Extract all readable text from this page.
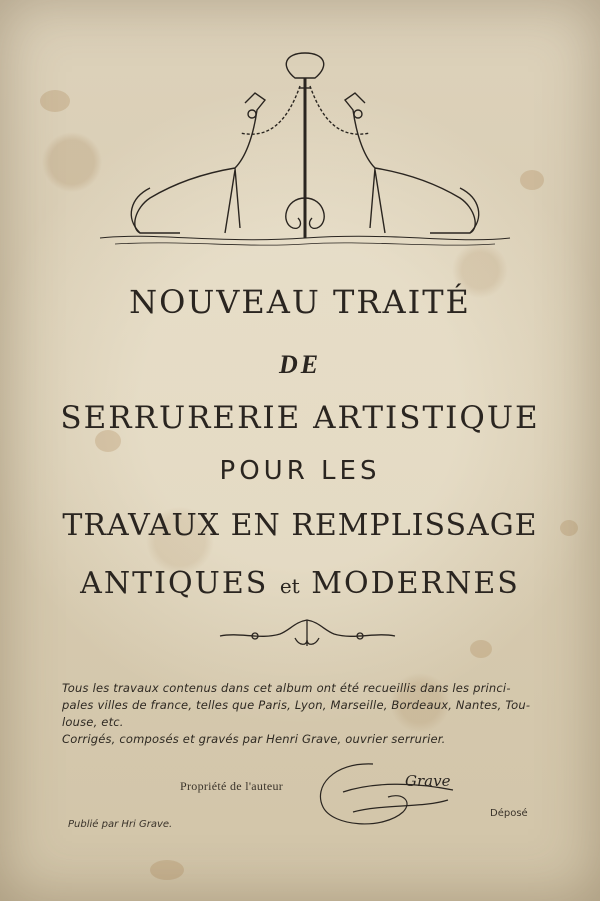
NOUVEAU TRAITÉ
DE
SERRURERIE ARTISTIQUE
POUR LES
TRAVAUX EN REMPLISSAGE
ANTIQUES et MODERNES

Tous les travaux contenus dans cet album ont été recueillis dans les princi-

pales villes de france, telles que Paris, Lyon, Marseille, Bordeaux, Nantes, Tou-

louse, etc.

Corrigés, composés et gravés par Henri Grave, ouvrier serrurier.

Propriété de l'auteur	Grave
Publié par Hri Grave.
Déposé
